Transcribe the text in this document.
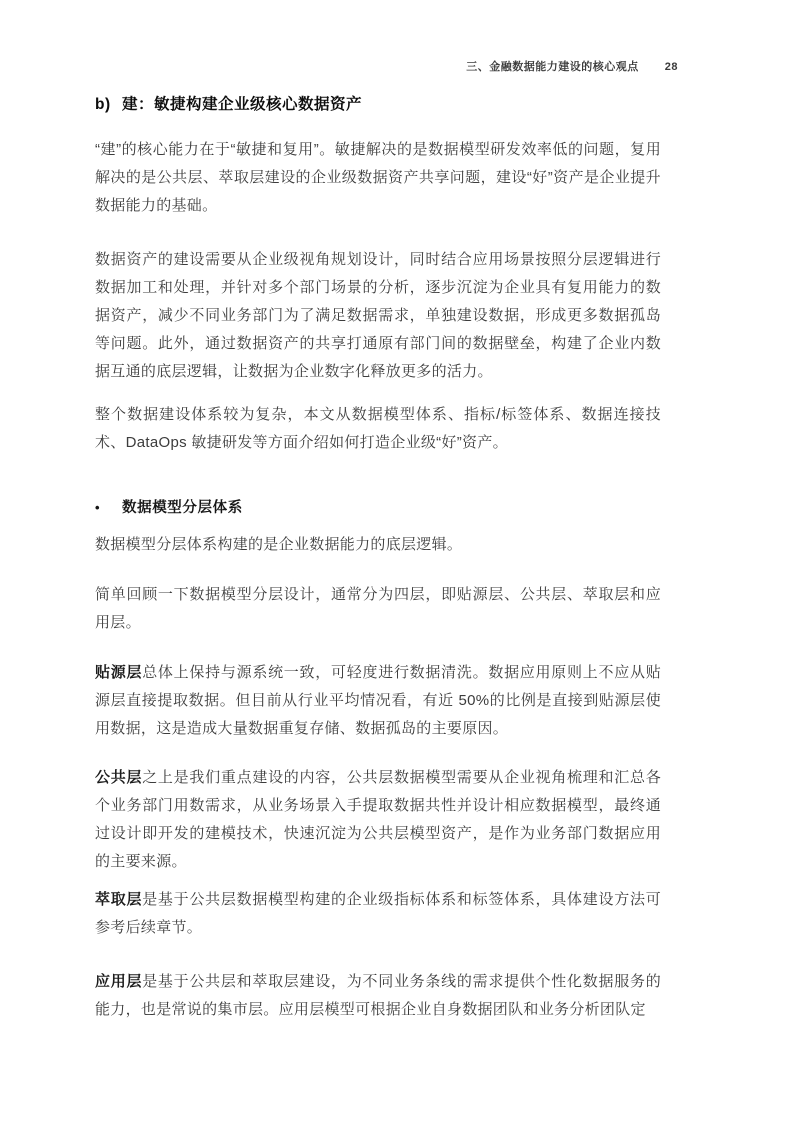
三、金融数据能力建设的核心观点 28
b) 建：敏捷构建企业级核心数据资产
“建”的核心能力在于“敏捷和复用”。敏捷解决的是数据模型研发效率低的问题，复用解决的是公共层、萃取层建设的企业级数据资产共享问题，建设“好”资产是企业提升数据能力的基础。
数据资产的建设需要从企业级视角规划设计，同时结合应用场景按照分层逻辑进行数据加工和处理，并针对多个部门场景的分析，逐步沉淀为企业具有复用能力的数据资产，减少不同业务部门为了满足数据需求，单独建设数据，形成更多数据孤岛等问题。此外，通过数据资产的共享打通原有部门间的数据壁垒，构建了企业内数据互通的底层逻辑，让数据为企业数字化释放更多的活力。
整个数据建设体系较为复杂，本文从数据模型体系、指标/标签体系、数据连接技术、DataOps 敏捷研发等方面介绍如何打造企业级“好”资产。
•	数据模型分层体系
数据模型分层体系构建的是企业数据能力的底层逻辑。
简单回顾一下数据模型分层设计，通常分为四层，即贴源层、公共层、萃取层和应用层。
贴源层总体上保持与源系统一致，可轻度进行数据清洗。数据应用原则上不应从贴源层直接提取数据。但目前从行业平均情况看，有近 50%的比例是直接到贴源层使用数据，这是造成大量数据重复存储、数据孤岛的主要原因。
公共层之上是我们重点建设的内容，公共层数据模型需要从企业视角梳理和汇总各个业务部门用数需求，从业务场景入手提取数据共性并设计相应数据模型，最终通过设计即开发的建模技术，快速沉淀为公共层模型资产，是作为业务部门数据应用的主要来源。
萃取层是基于公共层数据模型构建的企业级指标体系和标签体系，具体建设方法可参考后续章节。
应用层是基于公共层和萃取层建设，为不同业务条线的需求提供个性化数据服务的能力，也是常说的集市层。应用层模型可根据企业自身数据团队和业务分析团队定
